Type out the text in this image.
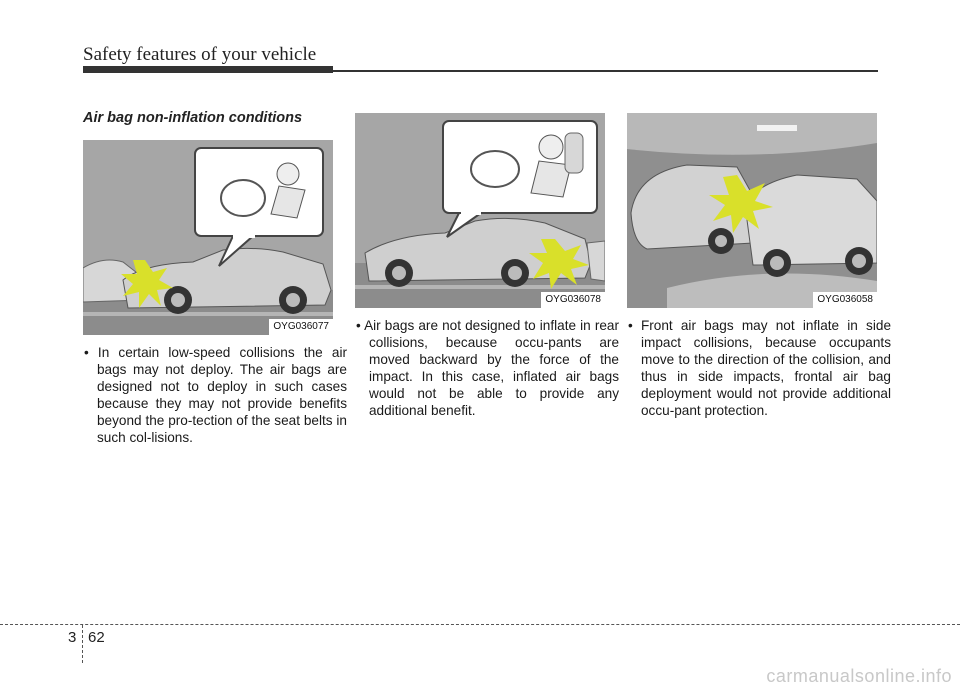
Safety features of your vehicle
Air bag non-inflation conditions
OYG036077
OYG036078	OYG036058
• In certain low-speed collisions the air bags may not deploy. The air bags are designed not to deploy in such cases because they may not provide benefits beyond the pro-tection of the seat belts in such col-lisions.
• Air bags are not designed to inflate in rear collisions, because occu-pants are moved backward by the force of the impact. In this case, inflated air bags would not be able to provide any additional benefit.
• Front air bags may not inflate in side impact collisions, because occupants move to the direction of the collision, and thus in side impacts, frontal air bag deployment would not provide additional occu-pant protection.
3 62
carmanualsonline.info
